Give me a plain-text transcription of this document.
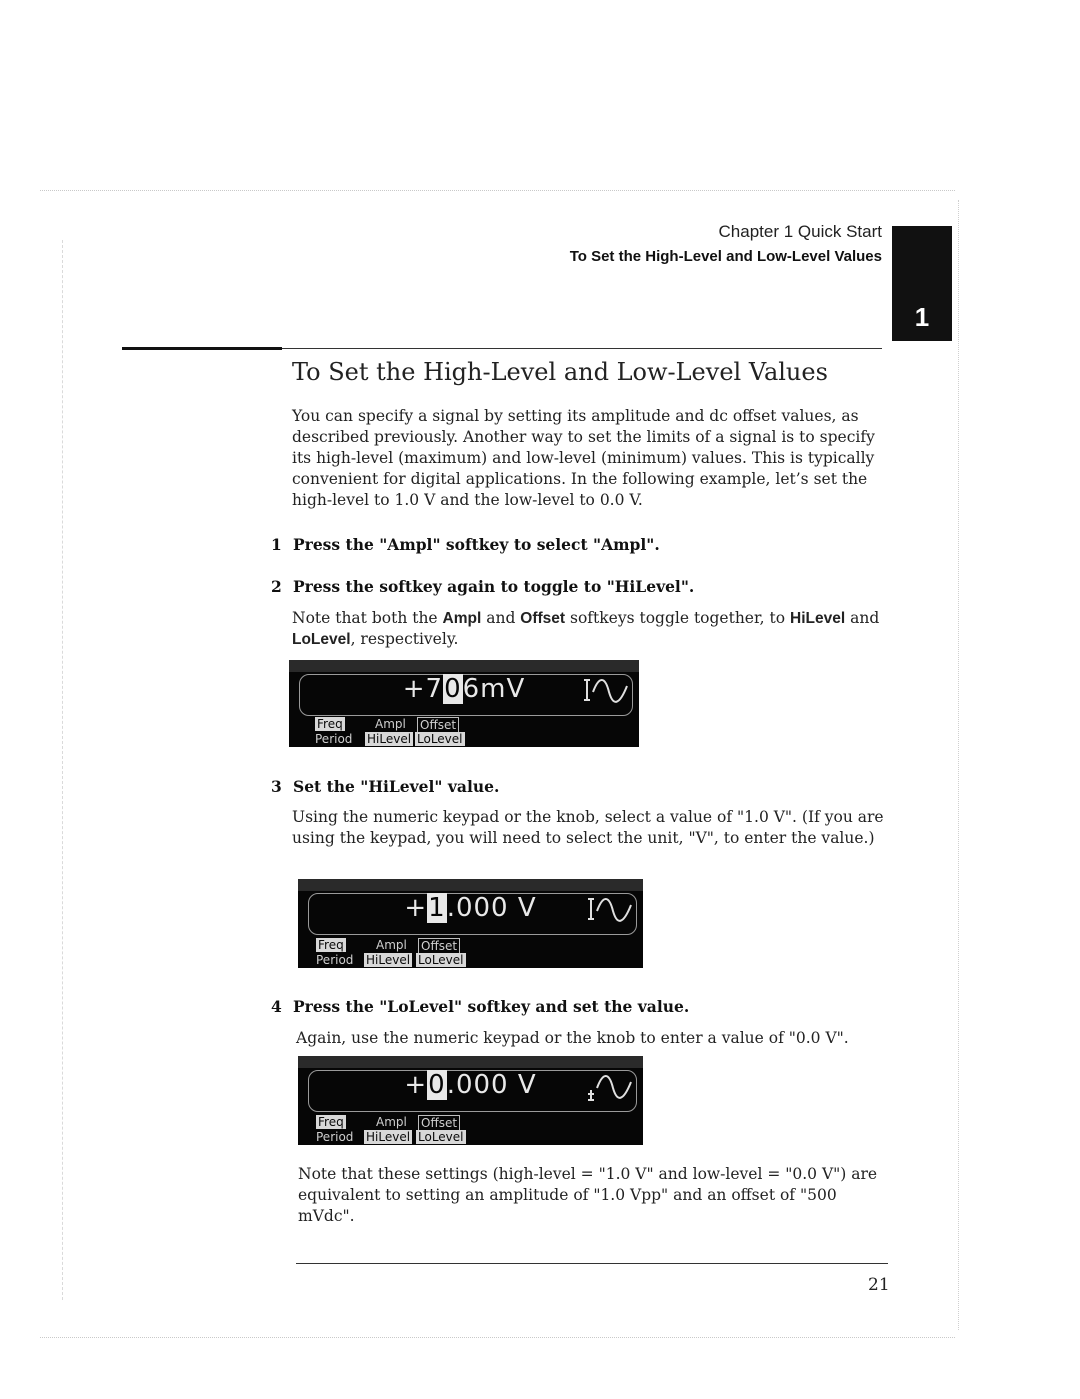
Chapter 1 Quick Start
To Set the High-Level and Low-Level Values
1
To Set the High-Level and Low-Level Values
You can specify a signal by setting its amplitude and dc offset values, as described previously. Another way to set the limits of a signal is to specify its high-level (maximum) and low-level (minimum) values. This is typically convenient for digital applications. In the following example, let’s set the high-level to 1.0 V and the low-level to 0.0 V.
1 Press the "Ampl" softkey to select "Ampl".
2 Press the softkey again to toggle to "HiLevel".
Note that both the Ampl and Offset softkeys toggle together, to HiLevel and LoLevel, respectively.
+706mV
Freq
Period
Ampl
HiLevel
Offset
LoLevel
3 Set the "HiLevel" value.
Using the numeric keypad or the knob, select a value of "1.0 V". (If you are using the keypad, you will need to select the unit, "V", to enter the value.)
+1.000 V
Freq
Period
Ampl
HiLevel
Offset
LoLevel
4 Press the "LoLevel" softkey and set the value.
Again, use the numeric keypad or the knob to enter a value of "0.0 V".
+0.000 V
Freq
Period
Ampl
HiLevel
Offset
LoLevel
Note that these settings (high-level = "1.0 V" and low-level = "0.0 V") are equivalent to setting an amplitude of "1.0 Vpp" and an offset of "500 mVdc".
21
